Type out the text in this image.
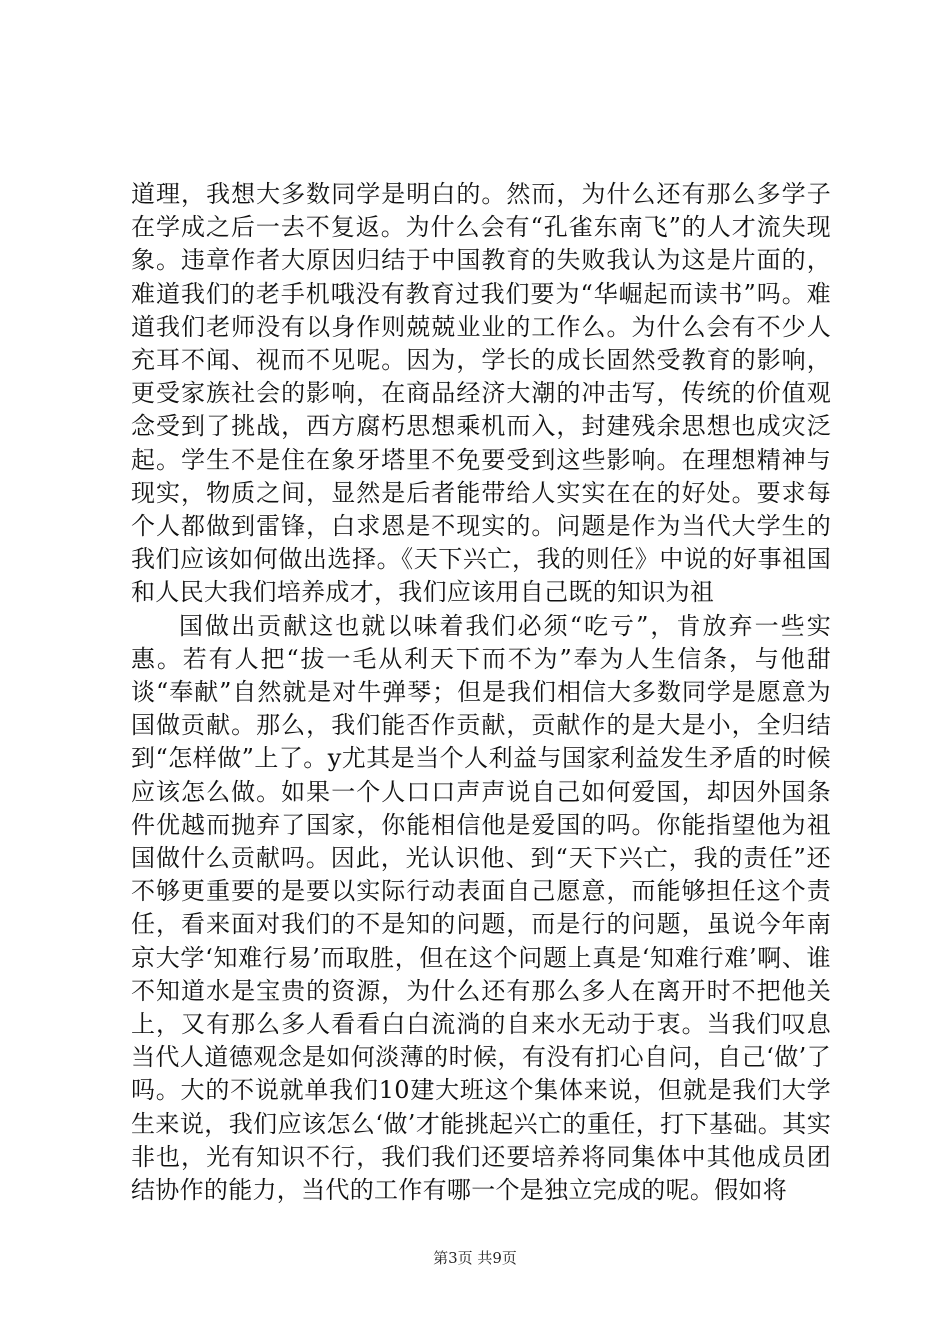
道理，我想大多数同学是明白的。然而，为什么还有那么多学子在学成之后一去不复返。为什么会有“孔雀东南飞”的人才流失现象。违章作者大原因归结于中国教育的失败我认为这是片面的，难道我们的老手机哦没有教育过我们要为“华崛起而读书”吗。难道我们老师没有以身作则兢兢业业的工作么。为什么会有不少人充耳不闻、视而不见呢。因为，学长的成长固然受教育的影响，更受家族社会的影响，在商品经济大潮的冲击写，传统的价值观念受到了挑战，西方腐朽思想乘机而入，封建残余思想也成灾泛起。学生不是住在象牙塔里不免要受到这些影响。在理想精神与现实，物质之间，显然是后者能带给人实实在在的好处。要求每个人都做到雷锋，白求恩是不现实的。问题是作为当代大学生的我们应该如何做出选择。《天下兴亡，我的则任》中说的好事祖国和人民大我们培养成才，我们应该用自己既的知识为祖

国做出贡献这也就以味着我们必须“吃亏”，肯放弃一些实惠。若有人把“拔一毛从利天下而不为”奉为人生信条，与他甜谈“奉献”自然就是对牛弹琴；但是我们相信大多数同学是愿意为国做贡献。那么，我们能否作贡献，贡献作的是大是小，全归结到“怎样做”上了。y尤其是当个人利益与国家利益发生矛盾的时候应该怎么做。如果一个人口口声声说自己如何爱国，却因外国条件优越而抛弃了国家，你能相信他是爱国的吗。你能指望他为祖国做什么贡献吗。因此，光认识他、到“天下兴亡，我的责任”还不够更重要的是要以实际行动表面自己愿意，而能够担任这个责任，看来面对我们的不是知的问题，而是行的问题，虽说今年南京大学‘知难行易’而取胜，但在这个问题上真是‘知难行难’啊、谁不知道水是宝贵的资源，为什么还有那么多人在离开时不把他关上，又有那么多人看看白白流淌的自来水无动于衷。当我们叹息当代人道德观念是如何淡薄的时候，有没有扪心自问，自己‘做’了吗。大的不说就单我们10建大班这个集体来说，但就是我们大学生来说，我们应该怎么‘做’才能挑起兴亡的重任，打下基础。其实非也，光有知识不行，我们我们还要培养将同集体中其他成员团结协作的能力，当代的工作有哪一个是独立完成的呢。假如将

第3页 共9页
